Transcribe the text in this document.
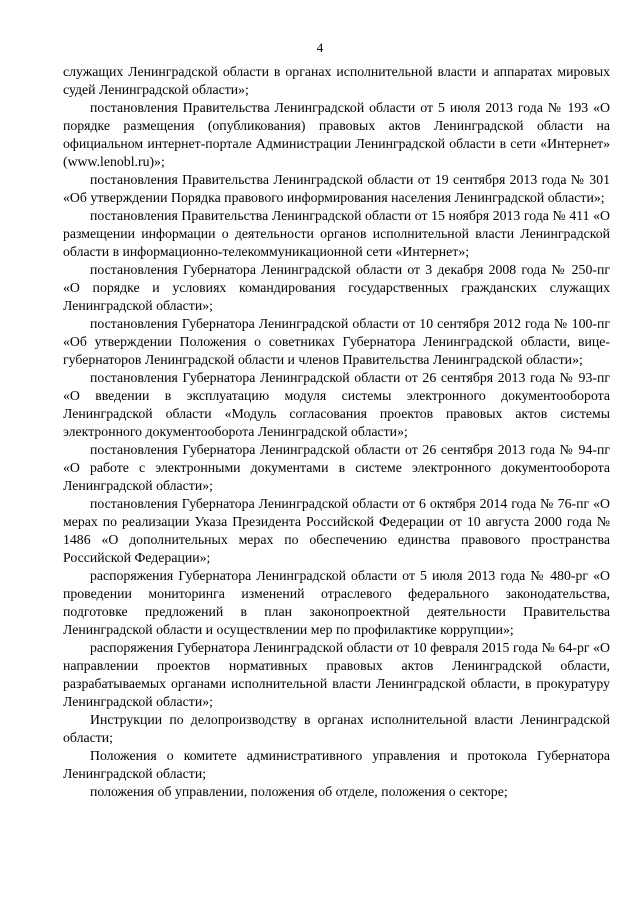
4

служащих Ленинградской области в органах исполнительной власти и аппаратах мировых судей Ленинградской области»;

постановления Правительства Ленинградской области от 5 июля 2013 года № 193 «О порядке размещения (опубликования) правовых актов Ленинградской области на официальном интернет-портале Администрации Ленинградской области в сети «Интернет» (www.lenobl.ru)»;

постановления Правительства Ленинградской области от 19 сентября 2013 года № 301 «Об утверждении Порядка правового информирования населения Ленинградской области»;

постановления Правительства Ленинградской области от 15 ноября 2013 года № 411 «О размещении информации о деятельности органов исполнительной власти Ленинградской области в информационно-телекоммуникационной сети «Интернет»;

постановления Губернатора Ленинградской области от 3 декабря 2008 года № 250-пг «О порядке и условиях командирования государственных гражданских служащих Ленинградской области»;

постановления Губернатора Ленинградской области от 10 сентября 2012 года № 100-пг «Об утверждении Положения о советниках Губернатора Ленинградской области, вице-губернаторов Ленинградской области и членов Правительства Ленинградской области»;

постановления Губернатора Ленинградской области от 26 сентября 2013 года № 93-пг «О введении в эксплуатацию модуля системы электронного документооборота Ленинградской области «Модуль согласования проектов правовых актов системы электронного документооборота Ленинградской области»;

постановления Губернатора Ленинградской области от 26 сентября 2013 года № 94-пг «О работе с электронными документами в системе электронного документооборота Ленинградской области»;

постановления Губернатора Ленинградской области от 6 октября 2014 года № 76-пг «О мерах по реализации Указа Президента Российской Федерации от 10 августа 2000 года № 1486 «О дополнительных мерах по обеспечению единства правового пространства Российской Федерации»;

распоряжения Губернатора Ленинградской области от 5 июля 2013 года № 480-рг «О проведении мониторинга изменений отраслевого федерального законодательства, подготовке предложений в план законопроектной деятельности Правительства Ленинградской области и осуществлении мер по профилактике коррупции»;

распоряжения Губернатора Ленинградской области от 10 февраля 2015 года № 64-рг «О направлении проектов нормативных правовых актов Ленинградской области, разрабатываемых органами исполнительной власти Ленинградской области, в прокуратуру Ленинградской области»;

Инструкции по делопроизводству в органах исполнительной власти Ленинградской области;

Положения о комитете административного управления и протокола Губернатора Ленинградской области;

положения об управлении, положения об отделе, положения о секторе;
